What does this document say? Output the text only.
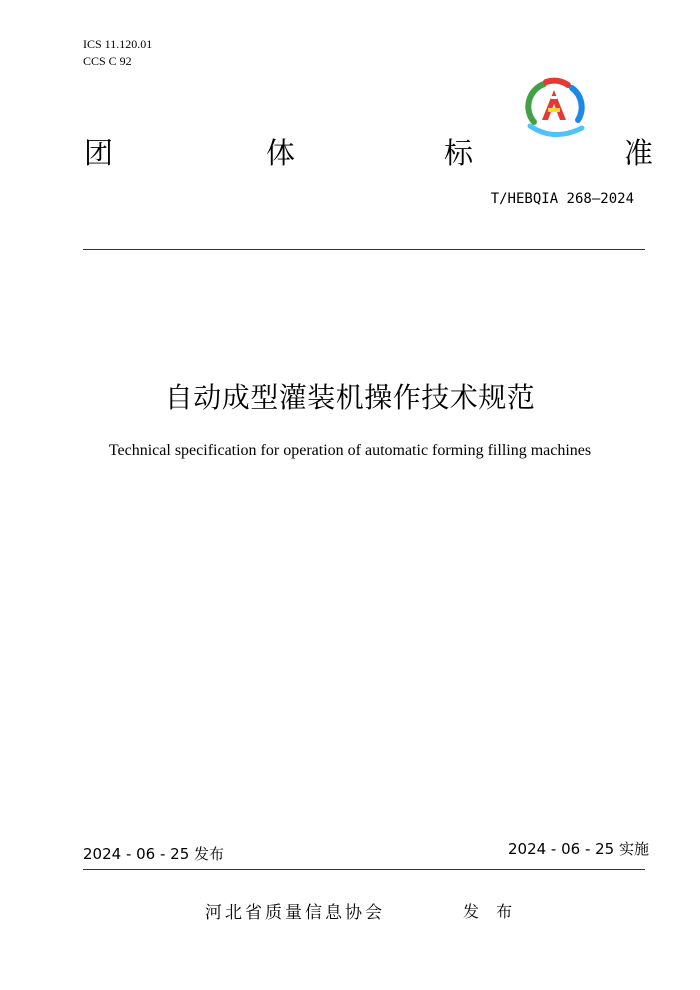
ICS 11.120.01
CCS C 92
团	体	标	准
T/HEBQIA 268—2024
自动成型灌装机操作技术规范
Technical specification for operation of automatic forming filling machines
2024 - 06 - 25 发布	2024 - 06 - 25 实施
河北省质量信息协会	发 布
